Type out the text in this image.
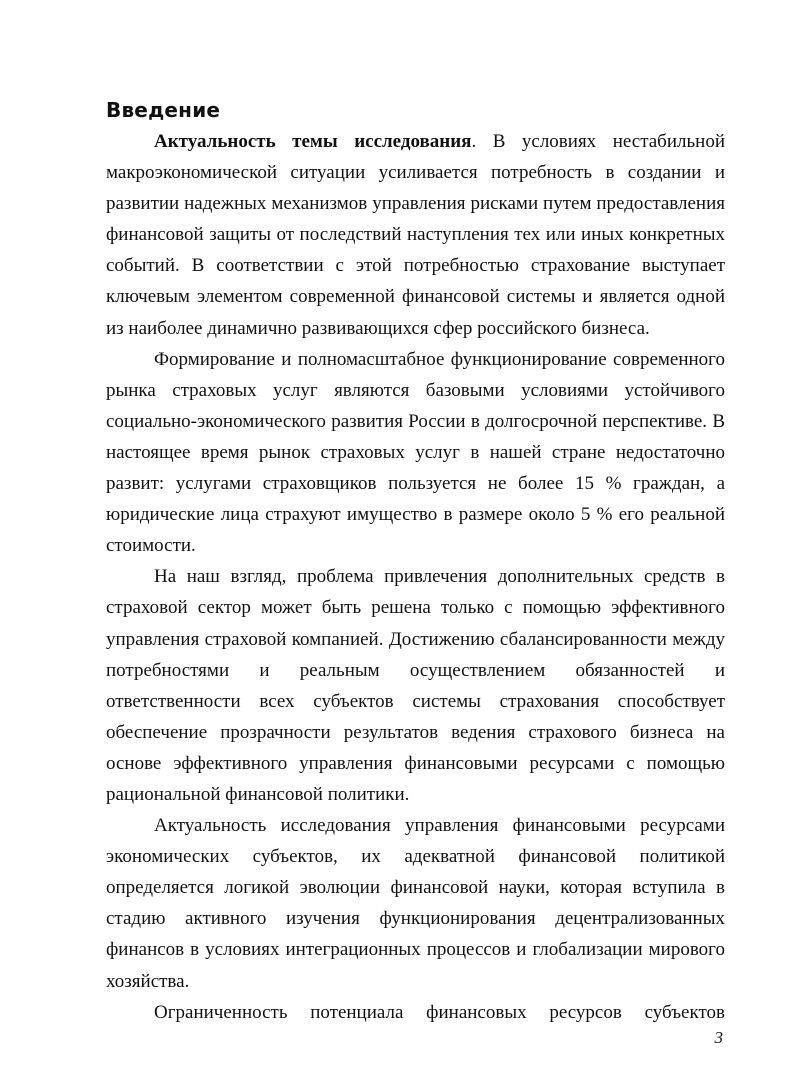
Введение

Актуальность темы исследования. В условиях нестабильной макроэкономической ситуации усиливается потребность в создании и развитии надежных механизмов управления рисками путем предоставления финансовой защиты от последствий наступления тех или иных конкретных событий. В соответствии с этой потребностью страхование выступает ключевым элементом современной финансовой системы и является одной из наиболее динамично развивающихся сфер российского бизнеса.

Формирование и полномасштабное функционирование современного рынка страховых услуг являются базовыми условиями устойчивого социально-экономического развития России в долгосрочной перспективе. В настоящее время рынок страховых услуг в нашей стране недостаточно развит: услугами страховщиков пользуется не более 15 % граждан, а юридические лица страхуют имущество в размере около 5 % его реальной стоимости.

На наш взгляд, проблема привлечения дополнительных средств в страховой сектор может быть решена только с помощью эффективного управления страховой компанией. Достижению сбалансированности между потребностями и реальным осуществлением обязанностей и ответственности всех субъектов системы страхования способствует обеспечение прозрачности результатов ведения страхового бизнеса на основе эффективного управления финансовыми ресурсами с помощью рациональной финансовой политики.

Актуальность исследования управления финансовыми ресурсами экономических субъектов, их адекватной финансовой политикой определяется логикой эволюции финансовой науки, которая вступила в стадию активного изучения функционирования децентрализованных финансов в условиях интеграционных процессов и глобализации мирового хозяйства.

Ограниченность потенциала финансовых ресурсов субъектов

3
